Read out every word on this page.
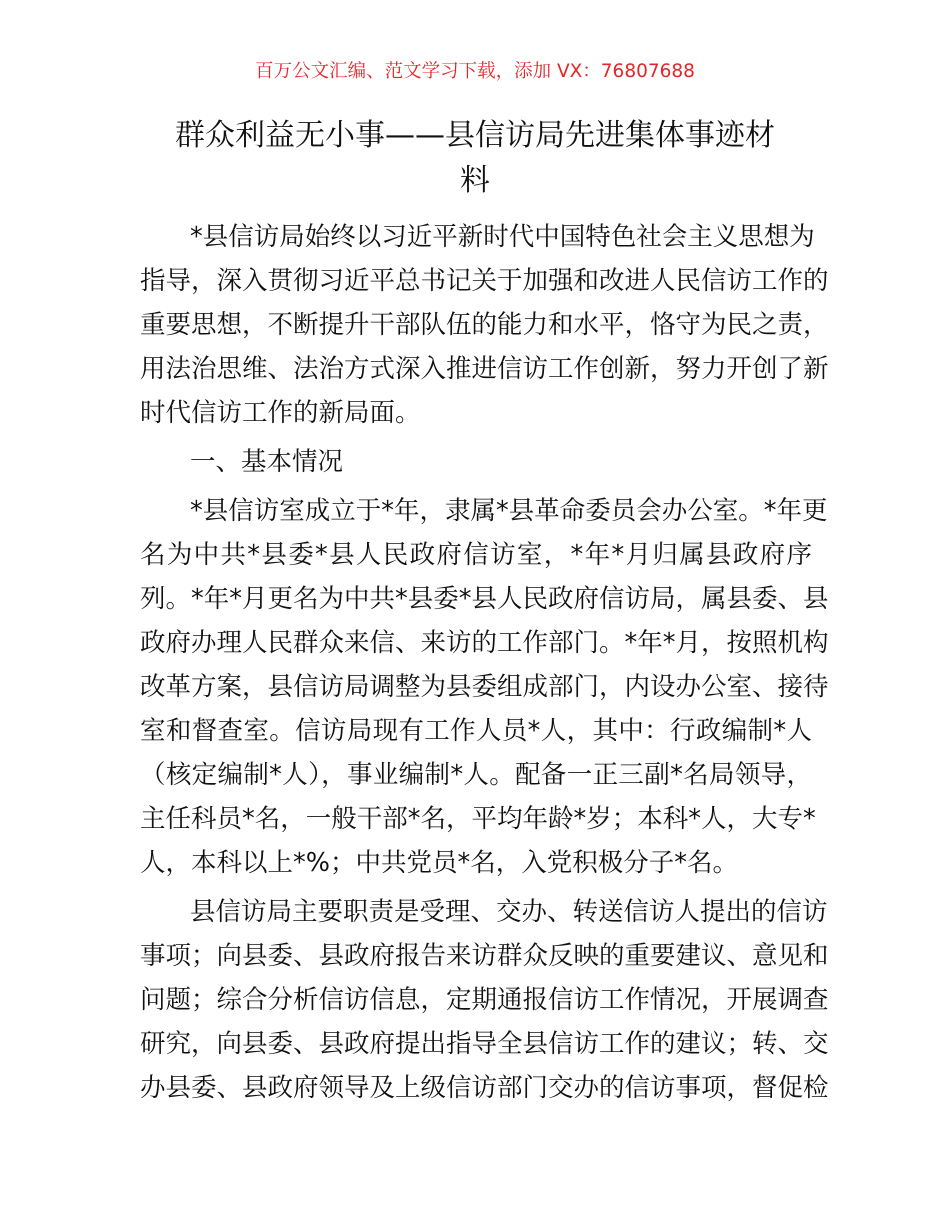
百万公文汇编、范文学习下载，添加 VX：76807688
群众利益无小事——县信访局先进集体事迹材
料
*县信访局始终以习近平新时代中国特色社会主义思想为
指导，深入贯彻习近平总书记关于加强和改进人民信访工作的
重要思想，不断提升干部队伍的能力和水平，恪守为民之责，
用法治思维、法治方式深入推进信访工作创新，努力开创了新
时代信访工作的新局面。
一、基本情况
*县信访室成立于*年，隶属*县革命委员会办公室。*年更
名为中共*县委*县人民政府信访室，*年*月归属县政府序
列。*年*月更名为中共*县委*县人民政府信访局，属县委、县
政府办理人民群众来信、来访的工作部门。*年*月，按照机构
改革方案，县信访局调整为县委组成部门，内设办公室、接待
室和督查室。信访局现有工作人员*人，其中：行政编制*人
（核定编制*人），事业编制*人。配备一正三副*名局领导，
主任科员*名，一般干部*名，平均年龄*岁；本科*人，大专*
人，本科以上*%；中共党员*名，入党积极分子*名。
县信访局主要职责是受理、交办、转送信访人提出的信访
事项；向县委、县政府报告来访群众反映的重要建议、意见和
问题；综合分析信访信息，定期通报信访工作情况，开展调查
研究，向县委、县政府提出指导全县信访工作的建议；转、交
办县委、县政府领导及上级信访部门交办的信访事项，督促检
